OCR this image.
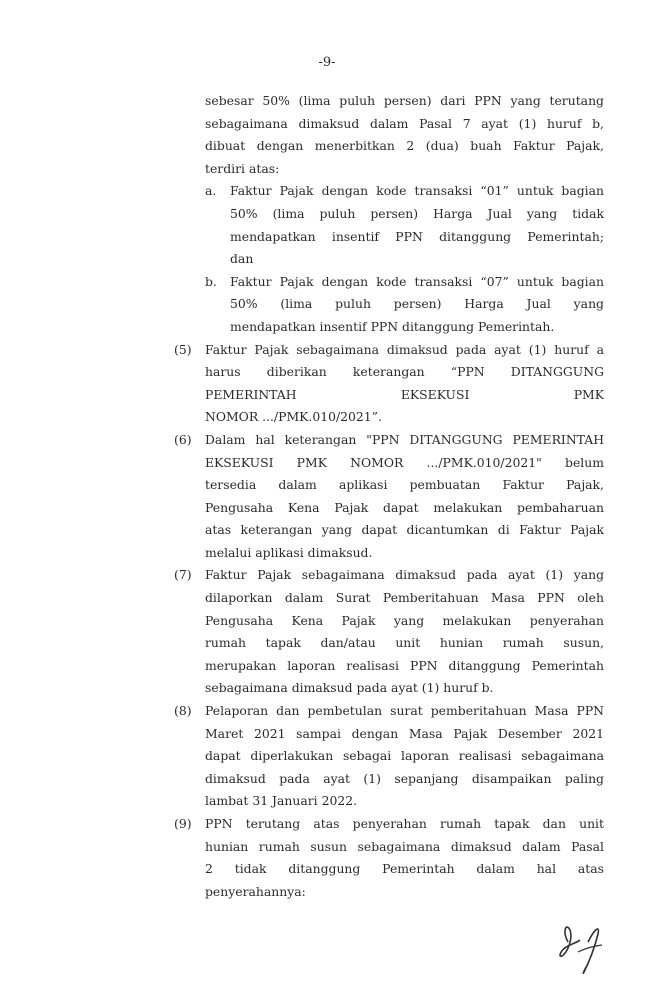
-9-
sebesar 50% (lima puluh persen) dari PPN yang terutang
sebagaimana dimaksud dalam Pasal 7 ayat (1) huruf b,
dibuat dengan menerbitkan 2 (dua) buah Faktur Pajak,
terdiri atas:
a. Faktur Pajak dengan kode transaksi “01” untuk bagian
50% (lima puluh persen) Harga Jual yang tidak
mendapatkan insentif PPN ditanggung Pemerintah;
dan
b. Faktur Pajak dengan kode transaksi “07” untuk bagian
50% (lima puluh persen) Harga Jual yang
mendapatkan insentif PPN ditanggung Pemerintah.
(5) Faktur Pajak sebagaimana dimaksud pada ayat (1) huruf a
harus diberikan keterangan “PPN DITANGGUNG
PEMERINTAH EKSEKUSI PMK
NOMOR .../PMK.010/2021”.
(6) Dalam hal keterangan "PPN DITANGGUNG PEMERINTAH
EKSEKUSI PMK NOMOR .../PMK.010/2021" belum
tersedia dalam aplikasi pembuatan Faktur Pajak,
Pengusaha Kena Pajak dapat melakukan pembaharuan
atas keterangan yang dapat dicantumkan di Faktur Pajak
melalui aplikasi dimaksud.
(7) Faktur Pajak sebagaimana dimaksud pada ayat (1) yang
dilaporkan dalam Surat Pemberitahuan Masa PPN oleh
Pengusaha Kena Pajak yang melakukan penyerahan
rumah tapak dan/atau unit hunian rumah susun,
merupakan laporan realisasi PPN ditanggung Pemerintah
sebagaimana dimaksud pada ayat (1) huruf b.
(8) Pelaporan dan pembetulan surat pemberitahuan Masa PPN
Maret 2021 sampai dengan Masa Pajak Desember 2021
dapat diperlakukan sebagai laporan realisasi sebagaimana
dimaksud pada ayat (1) sepanjang disampaikan paling
lambat 31 Januari 2022.
(9) PPN terutang atas penyerahan rumah tapak dan unit
hunian rumah susun sebagaimana dimaksud dalam Pasal
2 tidak ditanggung Pemerintah dalam hal atas
penyerahannya:
